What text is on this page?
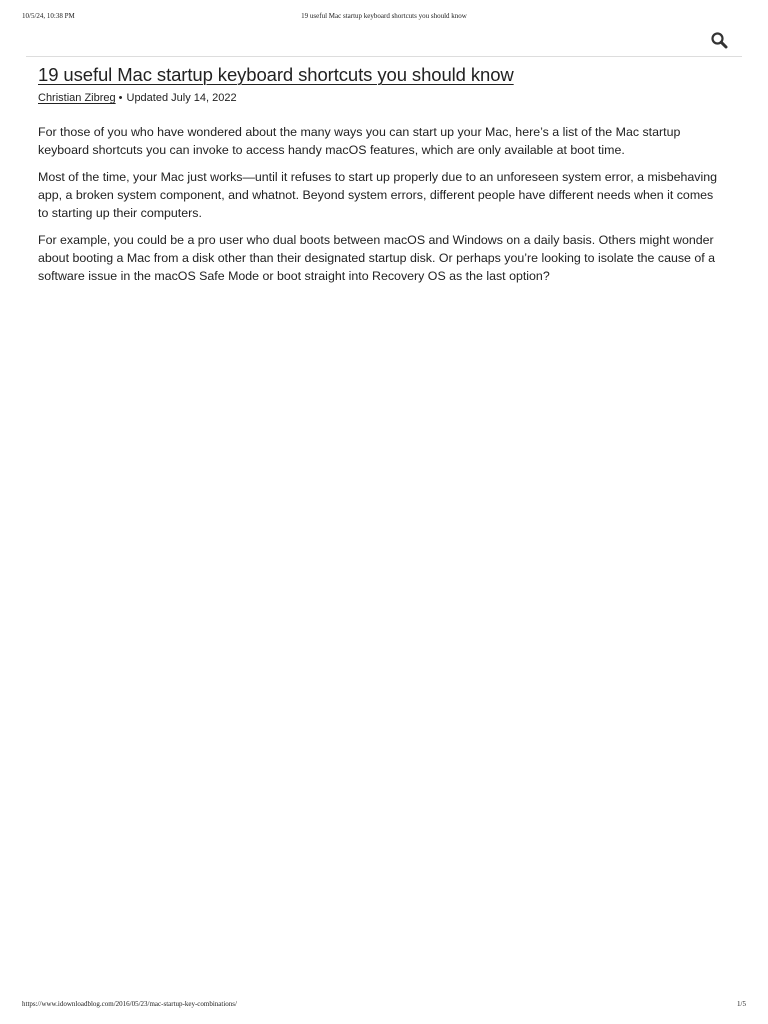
10/5/24, 10:38 PM	19 useful Mac startup keyboard shortcuts you should know
19 useful Mac startup keyboard shortcuts you should know
Christian Zibreg • Updated July 14, 2022

For those of you who have wondered about the many ways you can start up your Mac, here’s a list of the Mac startup keyboard shortcuts you can invoke to access handy macOS features, which are only available at boot time.

Most of the time, your Mac just works—until it refuses to start up properly due to an unforeseen system error, a misbehaving app, a broken system component, and whatnot. Beyond system errors, different people have different needs when it comes to starting up their computers.

For example, you could be a pro user who dual boots between macOS and Windows on a daily basis. Others might wonder about booting a Mac from a disk other than their designated startup disk. Or perhaps you’re looking to isolate the cause of a software issue in the macOS Safe Mode or boot straight into Recovery OS as the last option?

https://www.idownloadblog.com/2016/05/23/mac-startup-key-combinations/	1/5
